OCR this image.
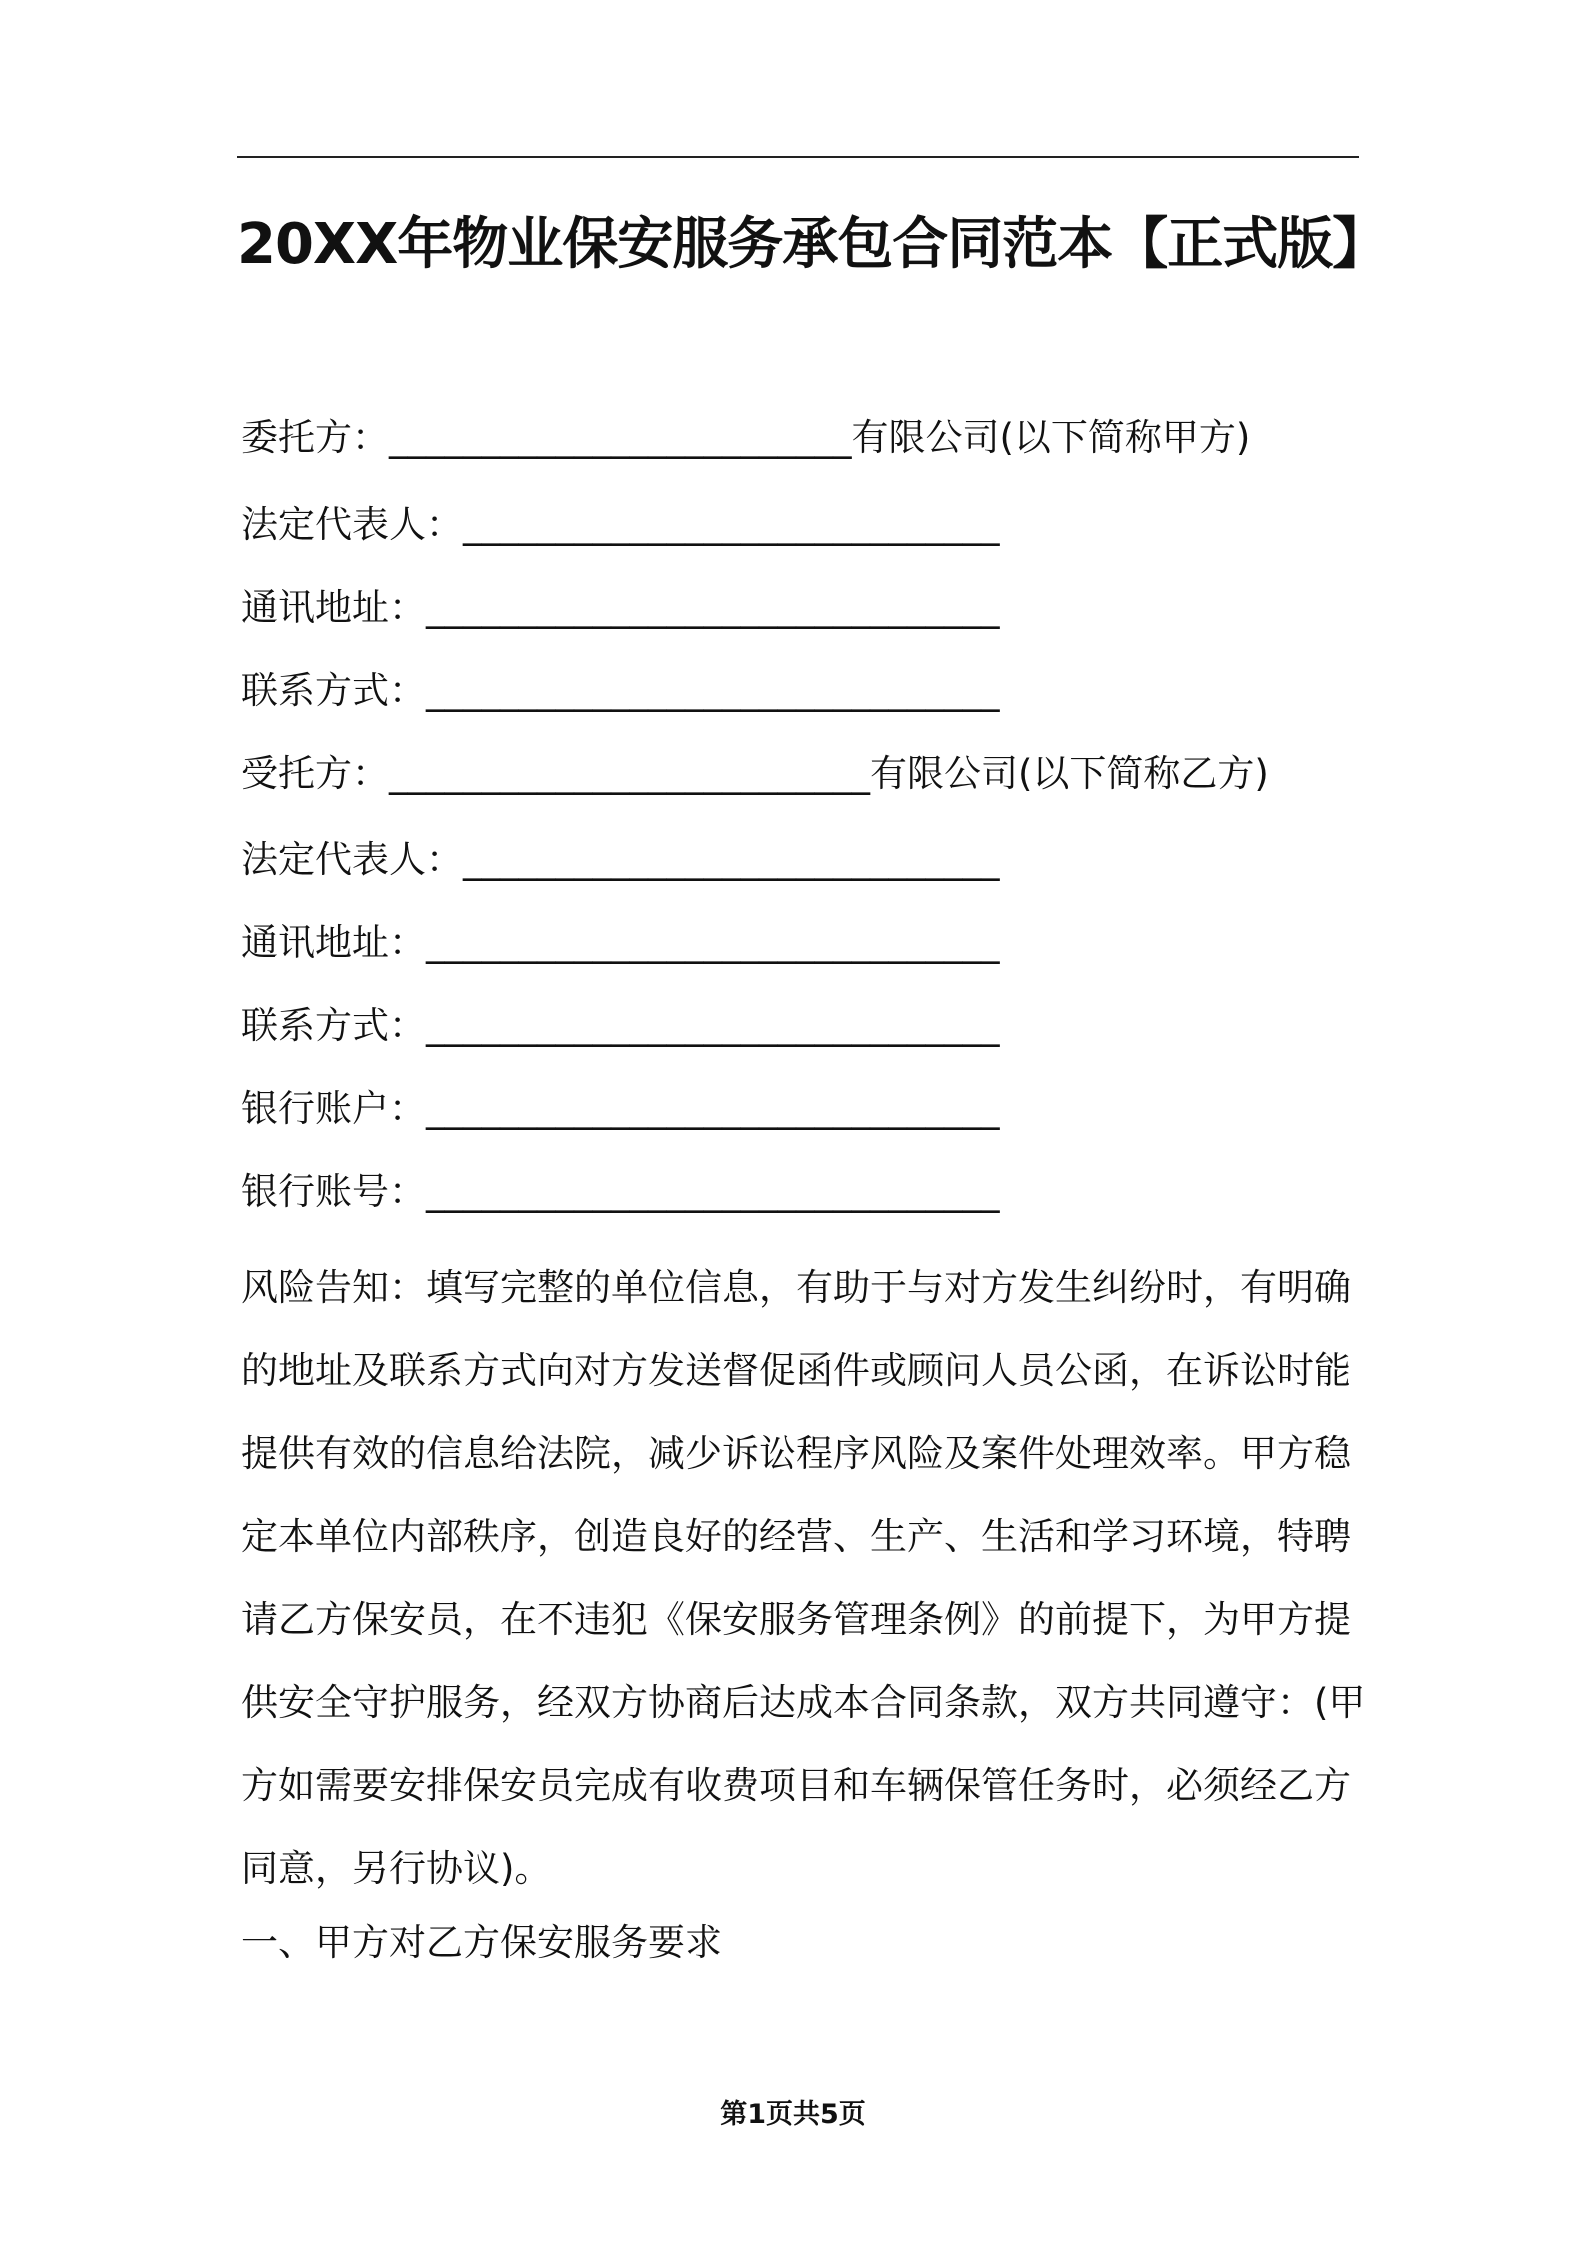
20XX年物业保安服务承包合同范本【正式版】
委托方：_________________________有限公司(以下简称甲方)
法定代表人：_____________________________
通讯地址：_______________________________
联系方式：_______________________________
受托方：__________________________有限公司(以下简称乙方)
法定代表人：_____________________________
通讯地址：_______________________________
联系方式：_______________________________
银行账户：_______________________________
银行账号：_______________________________
风险告知：填写完整的单位信息，有助于与对方发生纠纷时，有明确
的地址及联系方式向对方发送督促函件或顾问人员公函，在诉讼时能
提供有效的信息给法院，减少诉讼程序风险及案件处理效率。甲方稳
定本单位内部秩序，创造良好的经营、生产、生活和学习环境，特聘
请乙方保安员，在不违犯《保安服务管理条例》的前提下，为甲方提
供安全守护服务，经双方协商后达成本合同条款，双方共同遵守：(甲
方如需要安排保安员完成有收费项目和车辆保管任务时，必须经乙方
同意，另行协议)。
一、甲方对乙方保安服务要求
第1页共5页
